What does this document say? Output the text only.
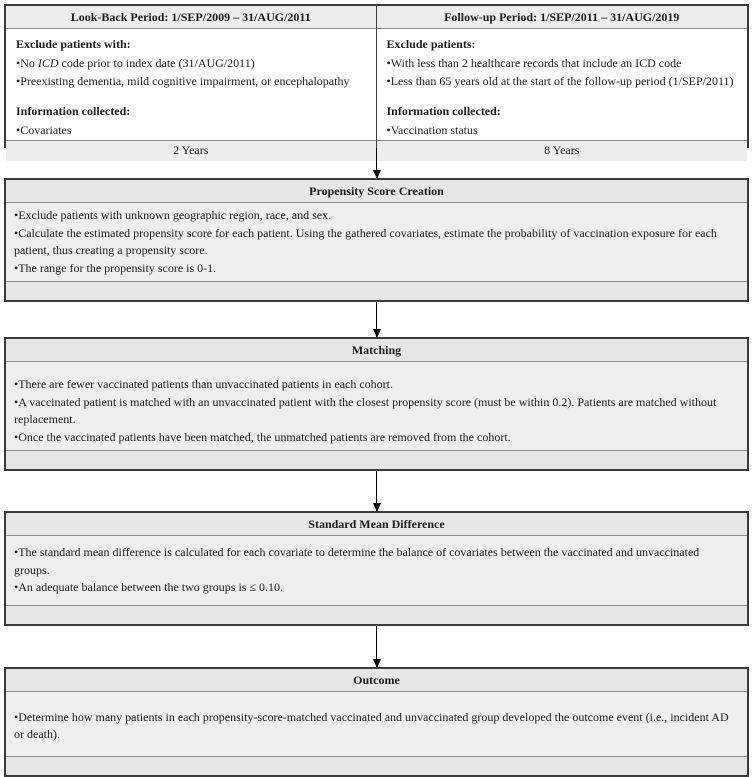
Look-Back Period: 1/SEP/2009 – 31/AUG/2011
Exclude patients with:
• No ICD code prior to index date (31/AUG/2011)
• Preexisting dementia, mild cognitive impairment, or encephalopathy
Information collected:
• Covariates
2 Years
Follow-up Period: 1/SEP/2011 – 31/AUG/2019
Exclude patients:
• With less than 2 healthcare records that include an ICD code
• Less than 65 years old at the start of the follow-up period (1/SEP/2011)
Information collected:
• Vaccination status
8 Years
Propensity Score Creation
• Exclude patients with unknown geographic region, race, and sex.
• Calculate the estimated propensity score for each patient. Using the gathered covariates, estimate the probability of vaccination exposure for each patient, thus creating a propensity score.
• The range for the propensity score is 0-1.
Matching
• There are fewer vaccinated patients than unvaccinated patients in each cohort.
• A vaccinated patient is matched with an unvaccinated patient with the closest propensity score (must be within 0.2). Patients are matched without replacement.
• Once the vaccinated patients have been matched, the unmatched patients are removed from the cohort.
Standard Mean Difference
• The standard mean difference is calculated for each covariate to determine the balance of covariates between the vaccinated and unvaccinated groups.
• An adequate balance between the two groups is ≤ 0.10.
Outcome
• Determine how many patients in each propensity-score-matched vaccinated and unvaccinated group developed the outcome event (i.e., incident AD or death).
